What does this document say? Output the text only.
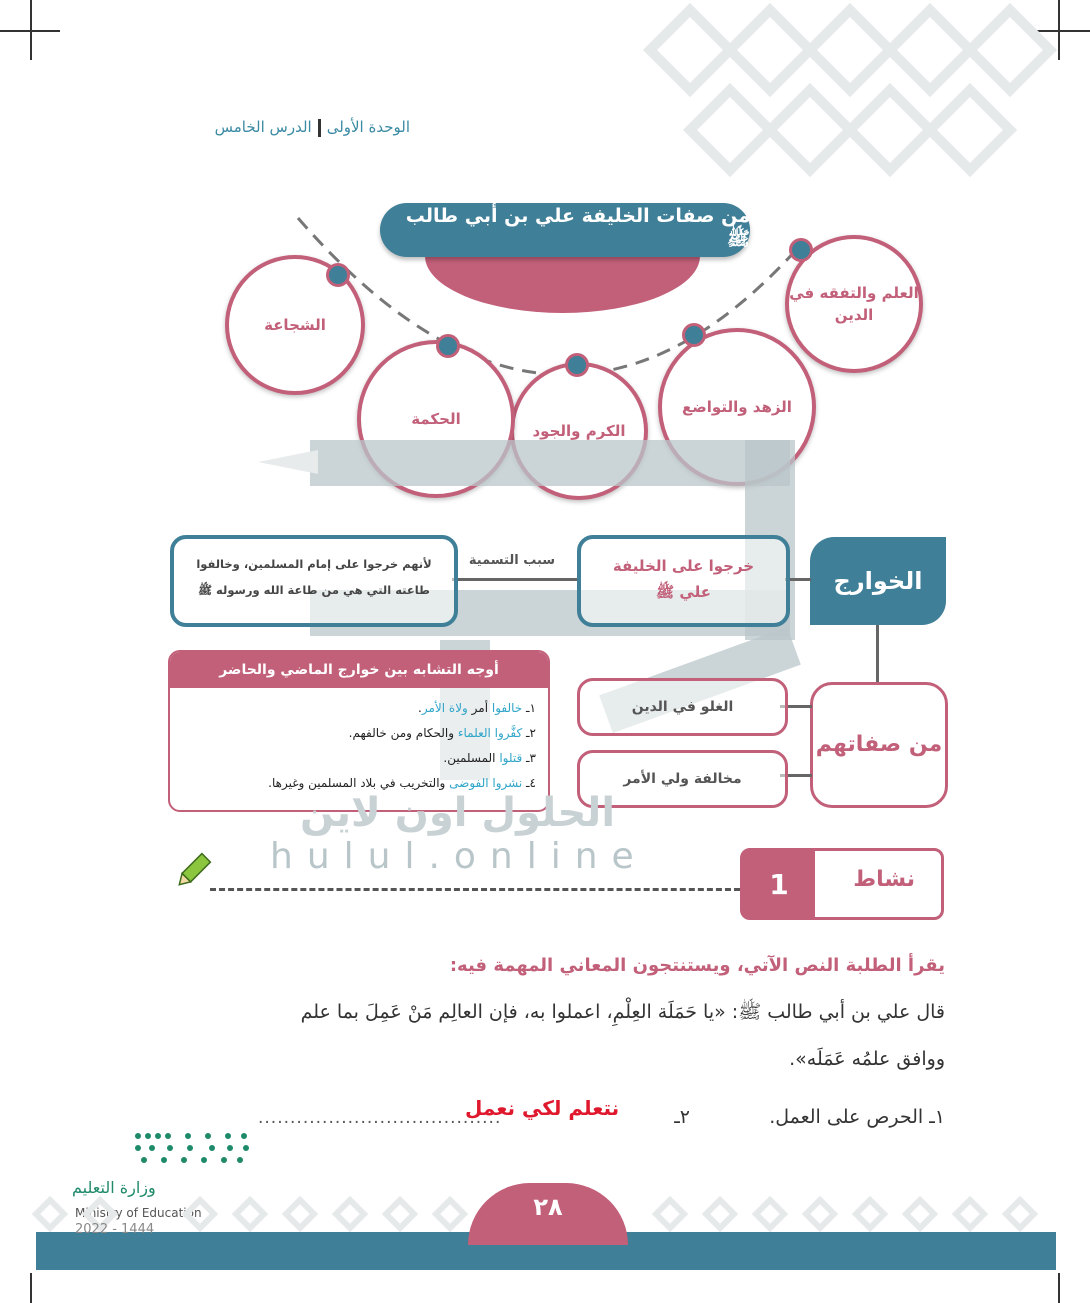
الوحدة الأولىالدرس الخامس
من صفات الخليفة علي بن أبي طالب ﷺ
العلم والتفقه في الدين
الزهد والتواضع
الكرم والجود
الحكمة
الشجاعة
الخوارج
خرجوا على الخليفة علي ﷺ
سبب التسمية
لأنهم خرجوا على إمام المسلمين، وخالفوا طاعته التي هي من طاعة الله ورسوله ﷺ
من صفاتهم
الغلو في الدين
مخالفة ولي الأمر
أوجه التشابه بين خوارج الماضي والحاضر
١ـ خالفوا أمر ولاة الأمر.
٢ـ كفَّروا العلماء والحكام ومن خالفهم.
٣ـ قتلوا المسلمين.
٤ـ نشروا الفوضى والتخريب في بلاد المسلمين وغيرها.
الحلول اون لاين
hulul.online
1	نشاط
يقرأ الطلبة النص الآتي، ويستنتجون المعاني المهمة فيه:
قال علي بن أبي طالب ﷺ: «يا حَمَلَة العِلْمِ، اعملوا به، فإن العالِم مَنْ عَمِلَ بما علم
ووافق علمُه عَمَلَه».
١ـ الحرص على العمل.
٢ـ
......................................
نتعلم لكي نعمل
وزارة التعليم
Ministry of Education	٢٨
2022 - 1444
